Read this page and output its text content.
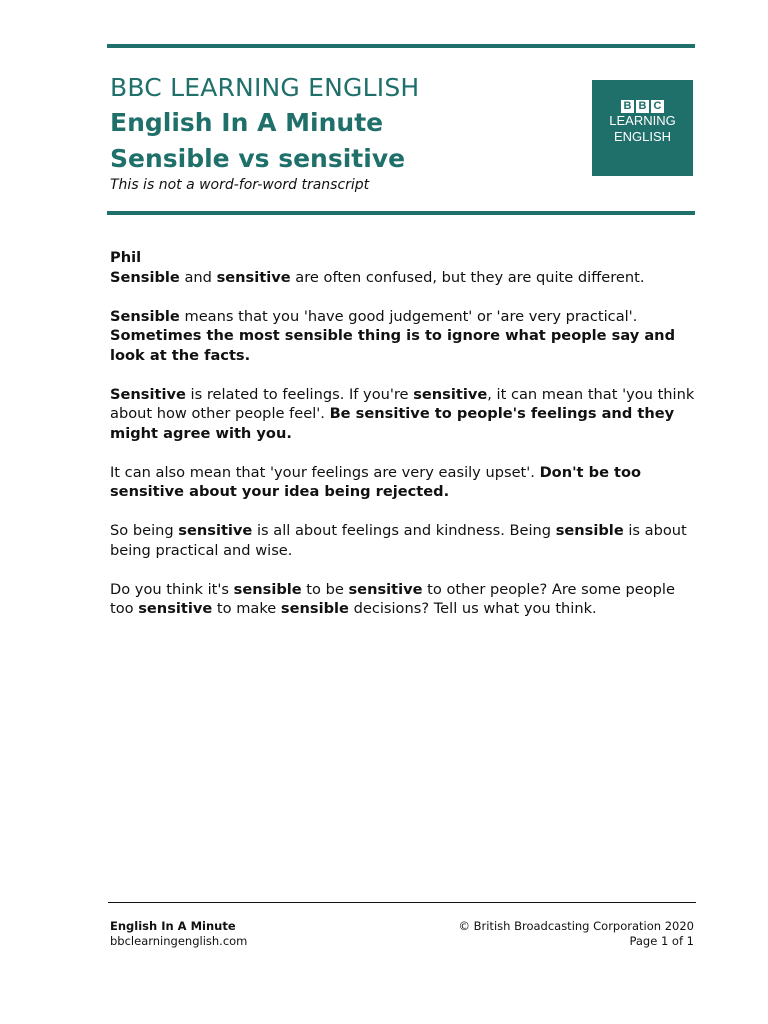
BBC LEARNING ENGLISH
English In A Minute
Sensible vs sensitive
This is not a word-for-word transcript
B B C
LEARNING
ENGLISH
Phil

Sensible and sensitive are often confused, but they are quite different.

Sensible means that you 'have good judgement' or 'are very practical'. Sometimes the most sensible thing is to ignore what people say and look at the facts.

Sensitive is related to feelings. If you're sensitive, it can mean that 'you think about how other people feel'. Be sensitive to people's feelings and they might agree with you.

It can also mean that 'your feelings are very easily upset'. Don't be too sensitive about your idea being rejected.

So being sensitive is all about feelings and kindness. Being sensible is about being practical and wise.

Do you think it's sensible to be sensitive to other people? Are some people too sensitive to make sensible decisions? Tell us what you think.

English In A Minute
bbclearningenglish.com
© British Broadcasting Corporation 2020
Page 1 of 1
